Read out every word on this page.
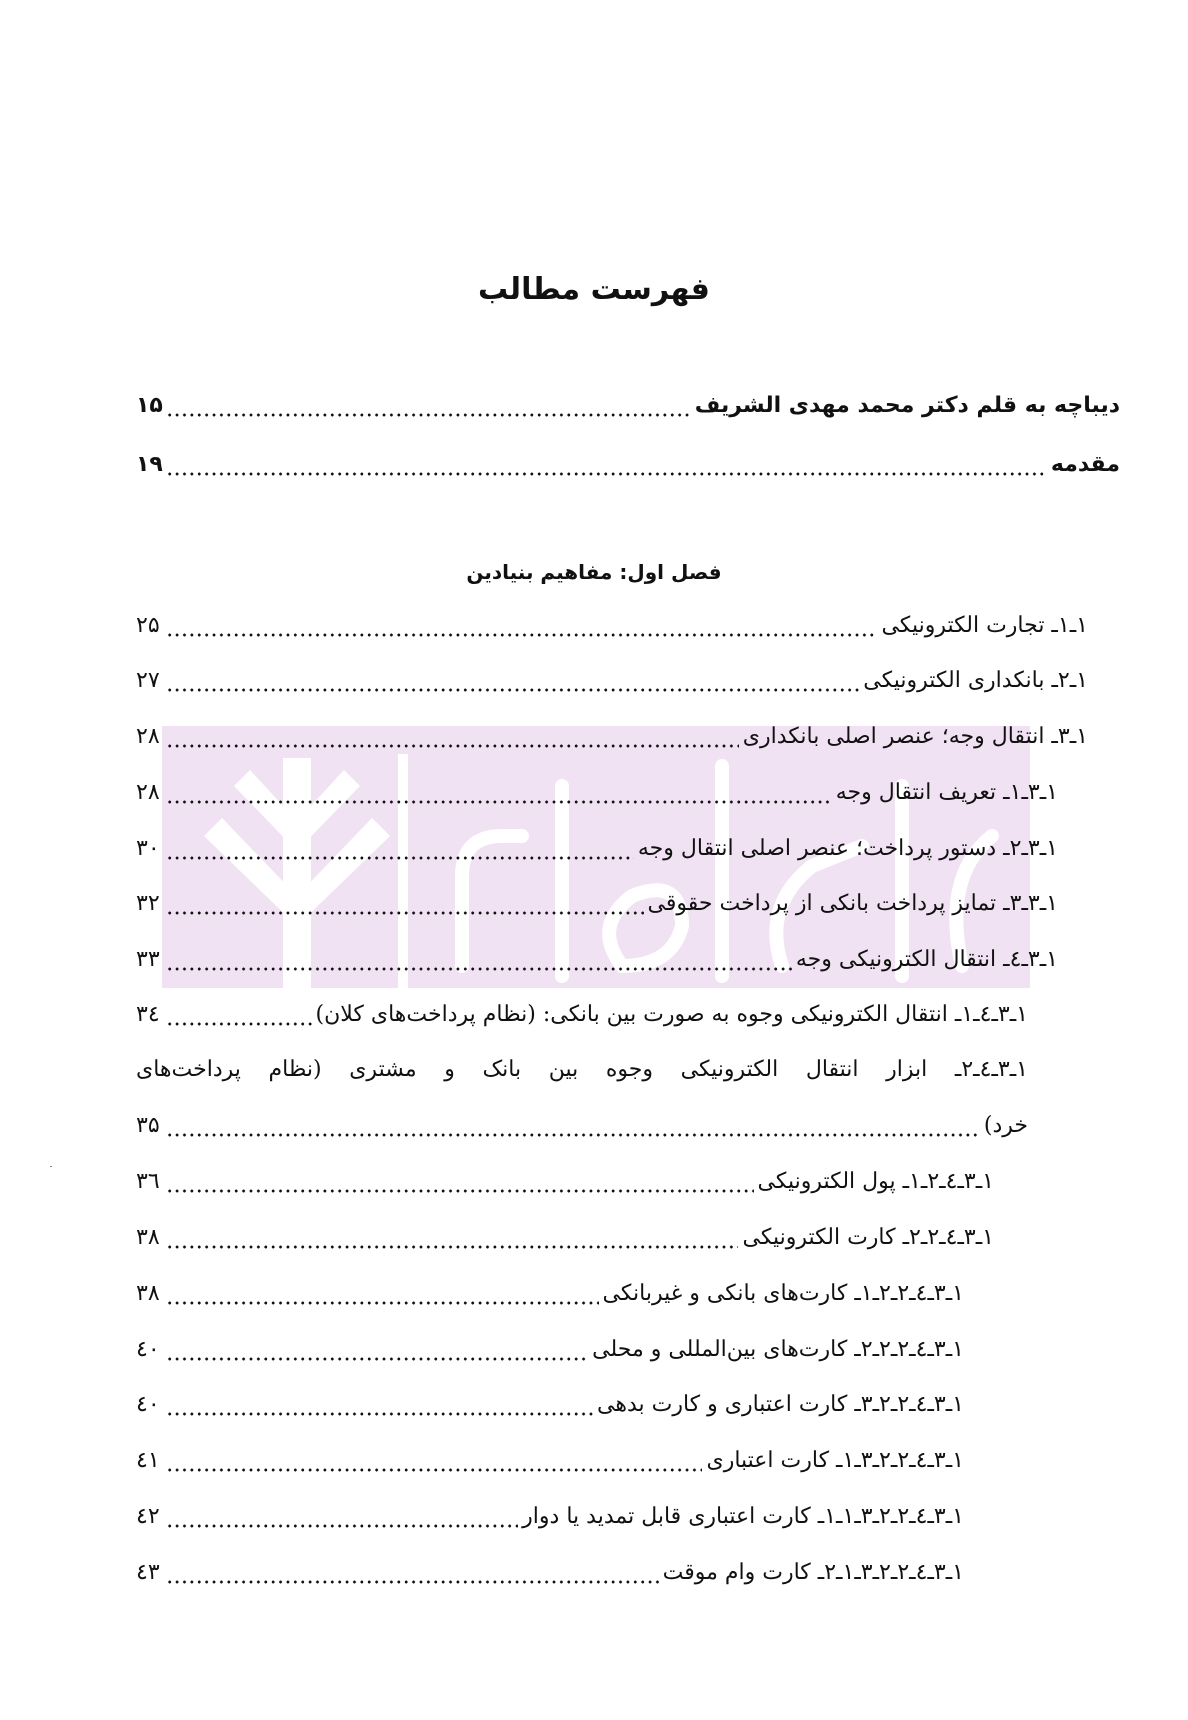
فهرست مطالب
دیباچه به قلم دکتر محمد مهدی الشریف
۱۵
مقدمه
۱۹
فصل اول: مفاهیم بنیادین
۱ـ۱ـ تجارت الکترونیکی
۲۵
۱ـ۲ـ بانکداری الکترونیکی
۲۷
۱ـ۳ـ انتقال وجه؛ عنصر اصلی بانکداری
۲۸
۱ـ۳ـ۱ـ تعریف انتقال وجه
۲۸
۱ـ۳ـ۲ـ دستور پرداخت؛ عنصر اصلی انتقال وجه
۳۰
۱ـ۳ـ۳ـ تمایز پرداخت بانکی از پرداخت حقوقی
۳۲
۱ـ۳ـ٤ـ انتقال الکترونیکی وجه
۳۳
۱ـ۳ـ٤ـ۱ـ انتقال الکترونیکی وجوه به صورت بین بانکی: (نظام پرداخت‌های کلان)
۳٤
۱ـ۳ـ٤ـ۲ـ ابزار انتقال الکترونیکی وجوه بین بانک و مشتری (نظام پرداخت‌های
خرد)
۳۵
۱ـ۳ـ٤ـ۲ـ۱ـ پول الکترونیکی
۳٦
۱ـ۳ـ٤ـ۲ـ۲ـ کارت الکترونیکی
۳۸
۱ـ۳ـ٤ـ۲ـ۲ـ۱ـ کارت‌های بانکی و غیربانکی
۳۸
۱ـ۳ـ٤ـ۲ـ۲ـ۲ـ کارت‌های بین‌المللی و محلی
٤۰
۱ـ۳ـ٤ـ۲ـ۲ـ۳ـ کارت اعتباری و کارت بدهی
٤۰
۱ـ۳ـ٤ـ۲ـ۲ـ۳ـ۱ـ کارت اعتباری
٤۱
۱ـ۳ـ٤ـ۲ـ۲ـ۳ـ۱ـ۱ـ کارت اعتباری قابل تمدید یا دوار
٤۲
۱ـ۳ـ٤ـ۲ـ۲ـ۳ـ۱ـ۲ـ کارت وام موقت
٤۳
